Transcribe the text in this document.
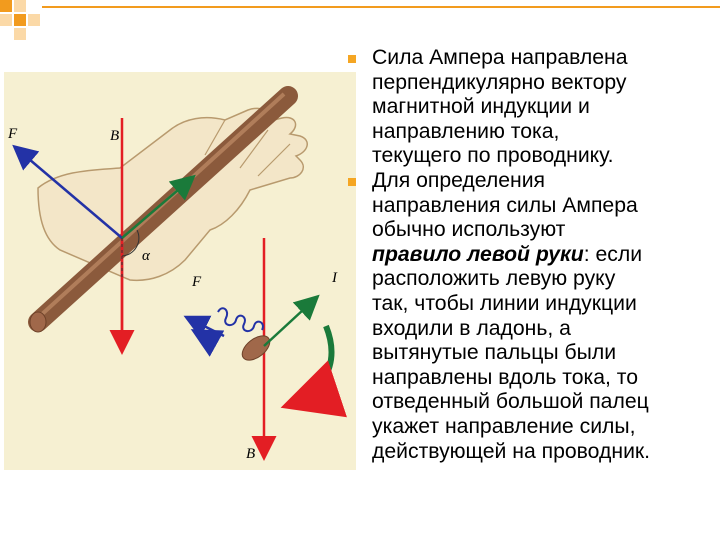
F	B
α
F	I
B

Сила Ампера направлена
перпендикулярно вектору
магнитной индукции и
направлению тока,
текущего по проводнику.

Для определения
направления силы Ампера
обычно используют
правило левой руки: если
расположить левую руку
так, чтобы линии индукции
входили в ладонь, а
вытянутые пальцы были
направлены вдоль тока, то
отведенный большой палец
укажет направление силы,
действующей на проводник.
